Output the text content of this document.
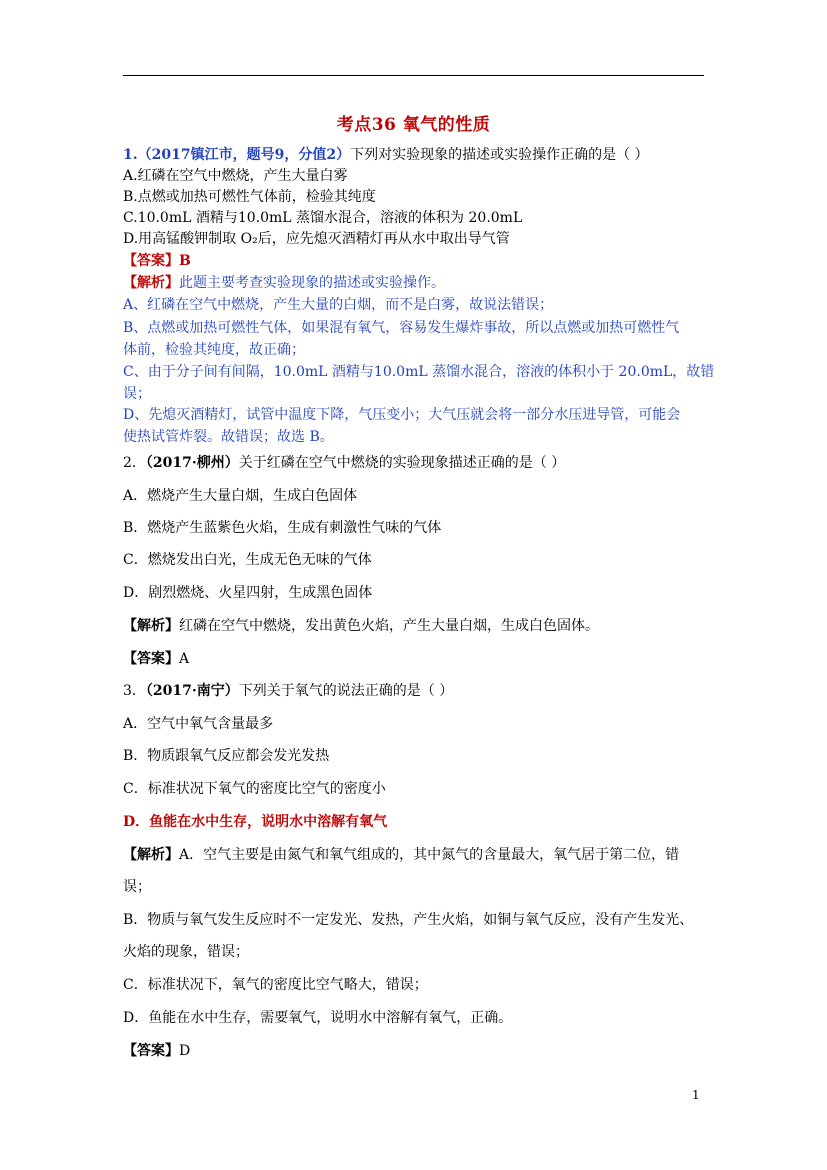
考点36 氧气的性质
1.（2017镇江市，题号9，分值2）下列对实验现象的描述或实验操作正确的是（ ）
A.红磷在空气中燃烧，产生大量白雾
B.点燃或加热可燃性气体前，检验其纯度
C.10.0mL 酒精与10.0mL 蒸馏水混合，溶液的体积为 20.0mL
D.用高锰酸钾制取 O₂后，应先熄灭酒精灯再从水中取出导气管
【答案】B
【解析】此题主要考查实验现象的描述或实验操作。
A、红磷在空气中燃烧，产生大量的白烟，而不是白雾，故说法错误；
B、点燃或加热可燃性气体，如果混有氧气，容易发生爆炸事故，所以点燃或加热可燃性气
体前，检验其纯度，故正确；
C、由于分子间有间隔，10.0mL 酒精与10.0mL 蒸馏水混合，溶液的体积小于 20.0mL，故错
误；
D、先熄灭酒精灯，试管中温度下降，气压变小；大气压就会将一部分水压进导管，可能会
使热试管炸裂。故错误；故选 B。
2．（2017·柳州）关于红磷在空气中燃烧的实验现象描述正确的是（ ）
A．燃烧产生大量白烟，生成白色固体
B．燃烧产生蓝紫色火焰，生成有刺激性气味的气体
C．燃烧发出白光，生成无色无味的气体
D．剧烈燃烧、火星四射，生成黑色固体
【解析】红磷在空气中燃烧，发出黄色火焰，产生大量白烟，生成白色固体。
【答案】A
3．（2017·南宁）下列关于氧气的说法正确的是（ ）
A．空气中氧气含量最多
B．物质跟氧气反应都会发光发热
C．标准状况下氧气的密度比空气的密度小
D．鱼能在水中生存，说明水中溶解有氧气
【解析】A．空气主要是由氮气和氧气组成的，其中氮气的含量最大，氧气居于第二位，错
误；
B．物质与氧气发生反应时不一定发光、发热，产生火焰，如铜与氧气反应，没有产生发光、
火焰的现象，错误；
C．标准状况下，氧气的密度比空气略大，错误；
D．鱼能在水中生存，需要氧气，说明水中溶解有氧气，正确。
【答案】D
1
